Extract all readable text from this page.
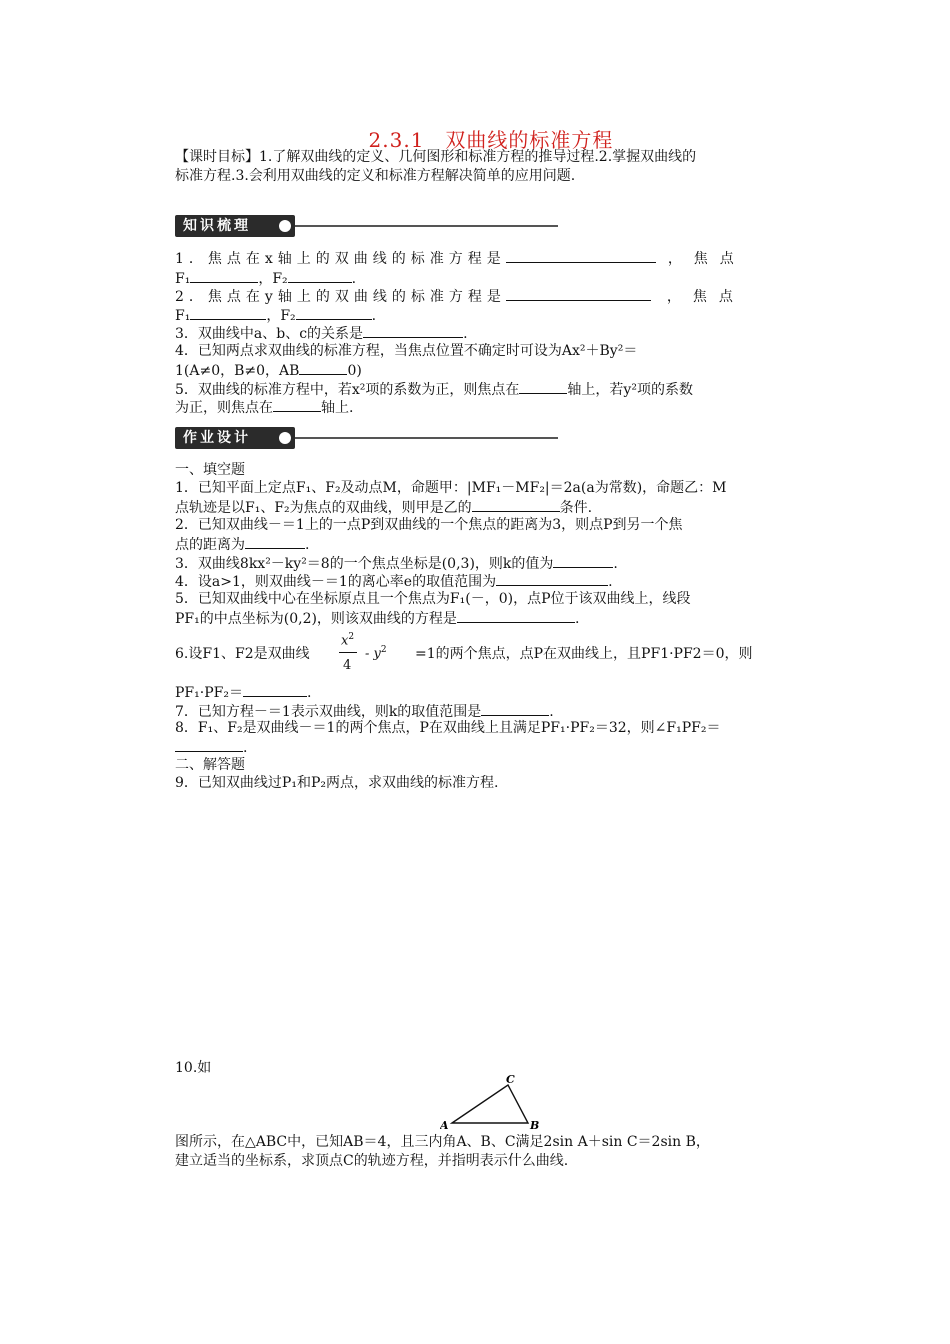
2.3.1　双曲线的标准方程
【课时目标】1.了解双曲线的定义、几何图形和标准方程的推导过程.2.掌握双曲线的
标准方程.3.会利用双曲线的定义和标准方程解决简单的应用问题.
知识梳理
1．焦点在x轴上的双曲线的标准方程是	，焦点
F₁	，F₂	.
2．焦点在y轴上的双曲线的标准方程是	，焦点
F₁	，F₂	.
3．双曲线中a、b、c的关系是	.
4．已知两点求双曲线的标准方程，当焦点位置不确定时可设为Ax²＋By²＝
1(A≠0，B≠0，AB	0)
5．双曲线的标准方程中，若x²项的系数为正，则焦点在	轴上，若y²项的系数
为正，则焦点在	轴上.
作业设计
一、填空题
1．已知平面上定点F₁、F₂及动点M，命题甲：|MF₁－MF₂|＝2a(a为常数)，命题乙：M
点轨迹是以F₁、F₂为焦点的双曲线，则甲是乙的	条件.
2．已知双曲线－＝1上的一点P到双曲线的一个焦点的距离为3，则点P到另一个焦
点的距离为	.
3．双曲线8kx²－ky²＝8的一个焦点坐标是(0,3)，则k的值为	.
4．设a>1，则双曲线－＝1的离心率e的取值范围为	.
5．已知双曲线中心在坐标原点且一个焦点为F₁(－，0)，点P位于该双曲线上，线段
PF₁的中点坐标为(0,2)，则该双曲线的方程是	.
6.设F1、F2是双曲线
$x^2$
4
- $y^2 =1$的两个焦点，点P在双曲线上，且PF1·PF2＝0，则
PF₁·PF₂＝	.
7．已知方程－＝1表示双曲线，则k的取值范围是	.
8．F₁、F₂是双曲线－＝1的两个焦点，P在双曲线上且满足PF₁·PF₂＝32，则∠F₁PF₂＝
.
二、解答题
9．已知双曲线过P₁和P₂两点，求双曲线的标准方程.
10.如
A	B
C
图所示，在△ABC中，已知AB＝4，且三内角A、B、C满足2sin A＋sin C＝2sin B，
建立适当的坐标系，求顶点C的轨迹方程，并指明表示什么曲线.
